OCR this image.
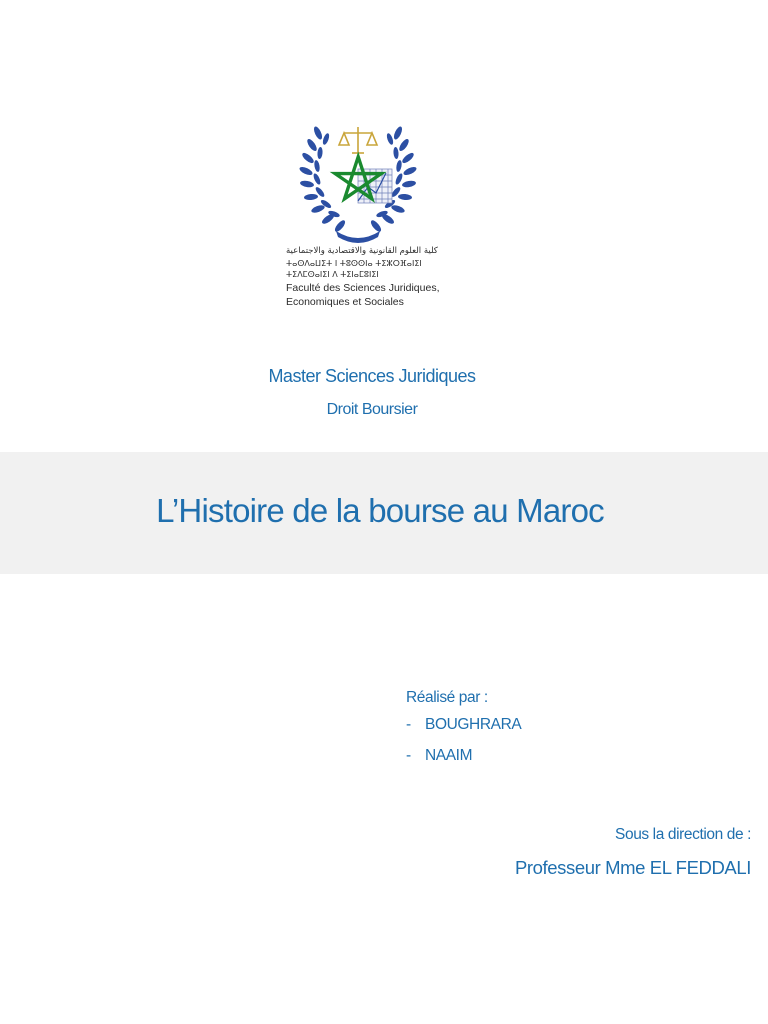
كلية العلوم القانونية والاقتصادية والاجتماعية
ⵜⴰⵙⴷⴰⵡⵉⵜ ⵏ ⵜⵓⵙⵙⵏⴰ ⵜⵉⵣⵔⴼⴰⵏⵉⵏ
ⵜⵉⴷⵎⵙⴰⵏⵉⵏ ⴷ ⵜⵉⵏⴰⵎⵓⵏⵉⵏ
Faculté des Sciences Juridiques,
Economiques et Sociales
Master Sciences Juridiques
Droit Boursier
L’Histoire de la bourse au Maroc
Réalisé par :
- BOUGHRARA
- NAAIM
Sous la direction de :
Professeur Mme EL FEDDALI
